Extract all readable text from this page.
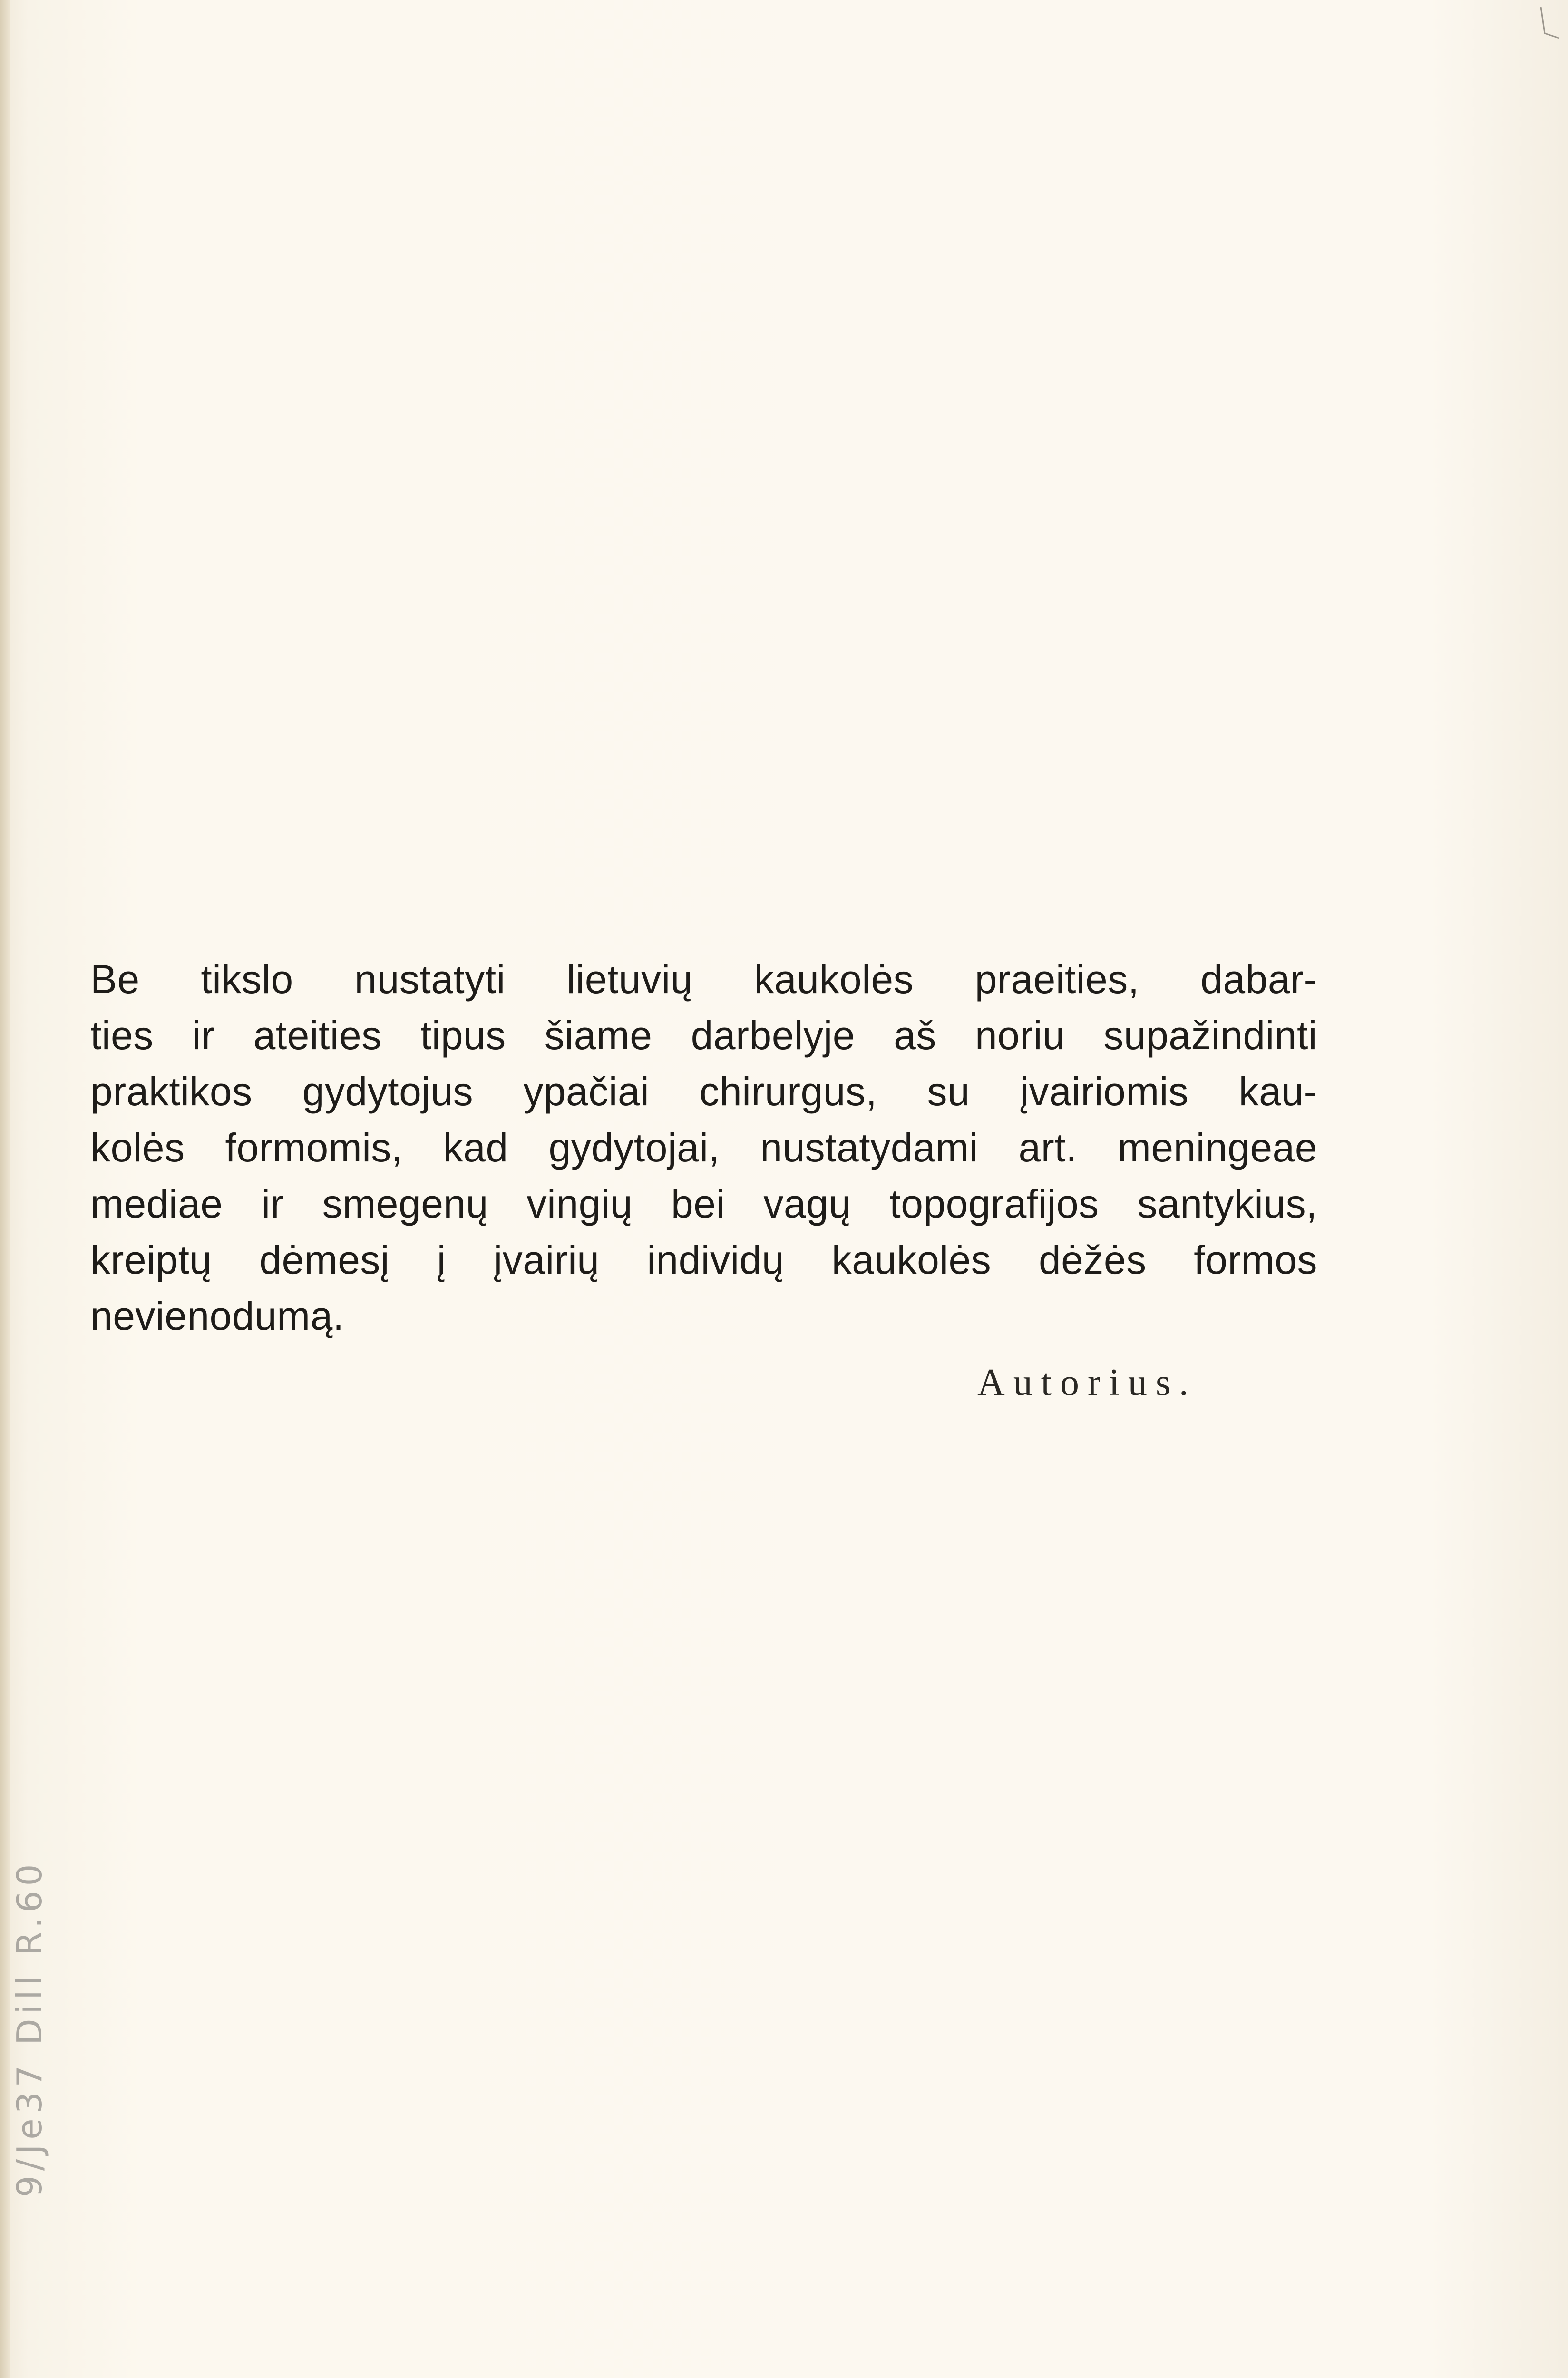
Be tikslo nustatyti lietuvių kaukolės praeities, dabar-
ties ir ateities tipus šiame darbelyje aš noriu supažindinti
praktikos gydytojus ypačiai chirurgus, su įvairiomis kau-
kolės formomis, kad gydytojai, nustatydami art. meningeae
mediae ir smegenų vingių bei vagų topografijos santykius,
kreiptų dėmesį į įvairių individų kaukolės dėžės formos
nevienodumą.
Autorius.
9/Je37 Dill R.60
